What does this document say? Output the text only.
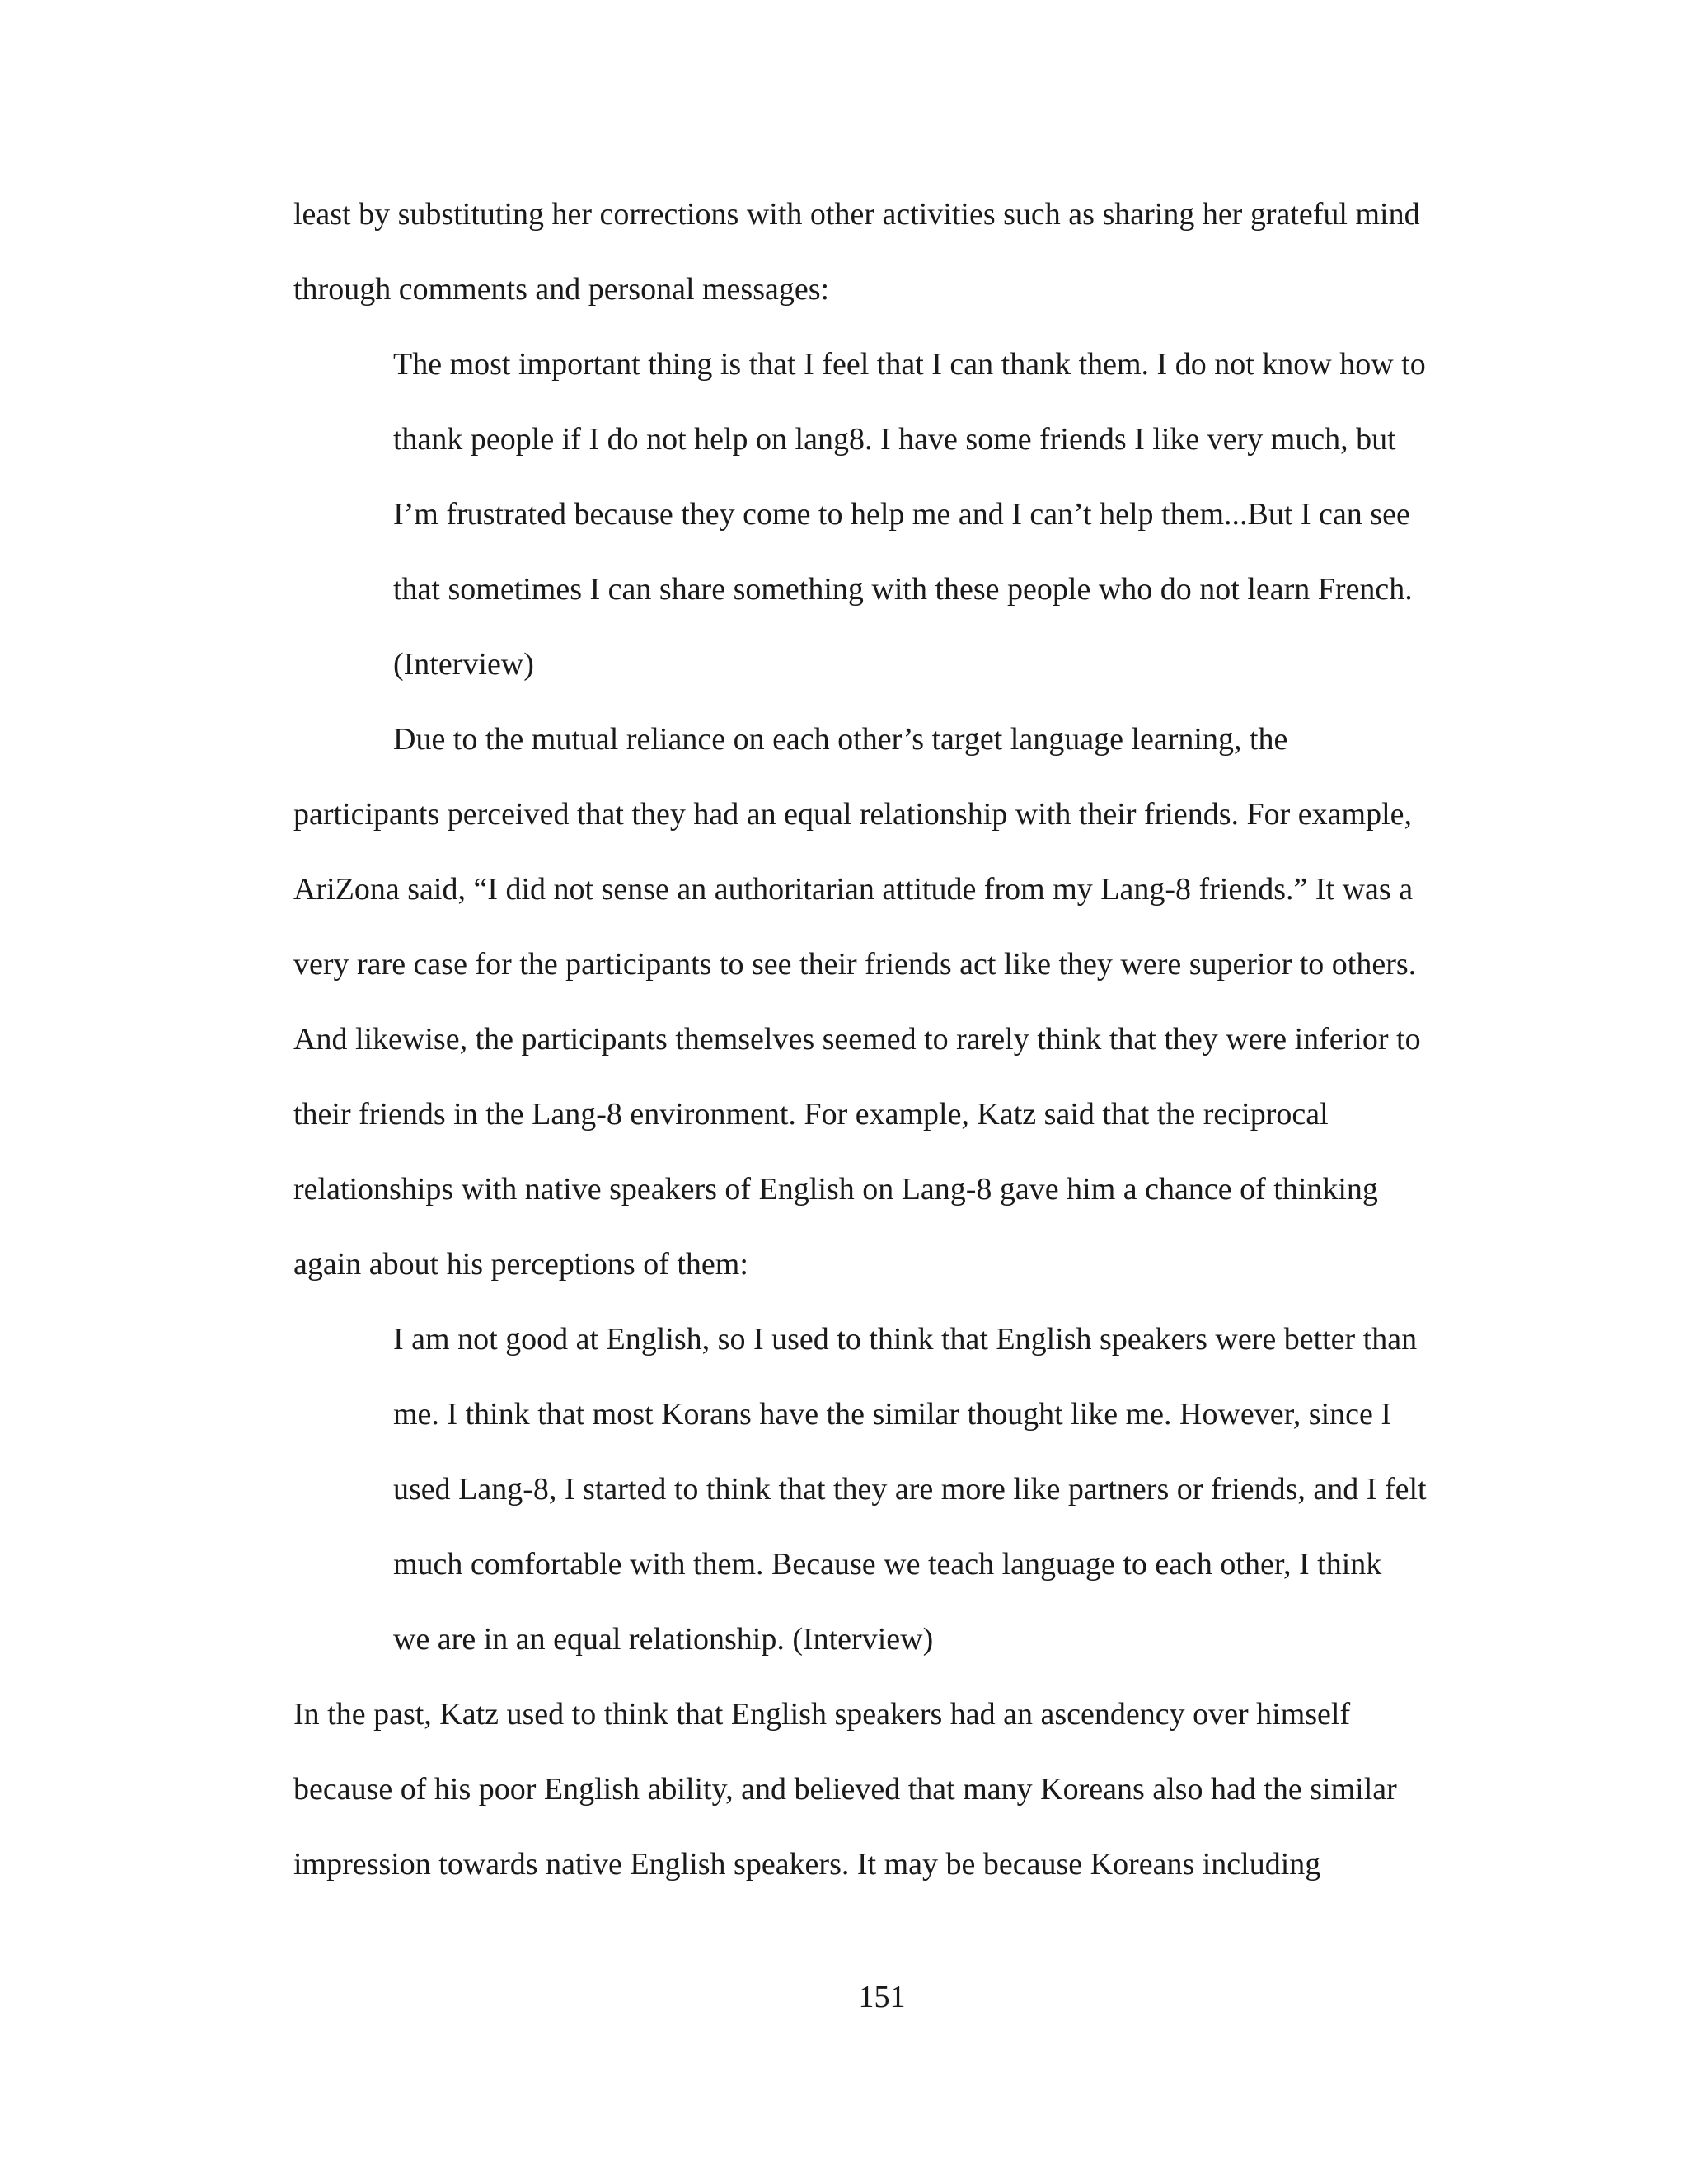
least by substituting her corrections with other activities such as sharing her grateful mind

through comments and personal messages:

The most important thing is that I feel that I can thank them. I do not know how to

thank people if I do not help on lang8. I have some friends I like very much, but

I’m frustrated because they come to help me and I can’t help them...But I can see

that sometimes I can share something with these people who do not learn French.

(Interview)

Due to the mutual reliance on each other’s target language learning, the

participants perceived that they had an equal relationship with their friends. For example,

AriZona said, “I did not sense an authoritarian attitude from my Lang-8 friends.” It was a

very rare case for the participants to see their friends act like they were superior to others.

And likewise, the participants themselves seemed to rarely think that they were inferior to

their friends in the Lang-8 environment. For example, Katz said that the reciprocal

relationships with native speakers of English on Lang-8 gave him a chance of thinking

again about his perceptions of them:

I am not good at English, so I used to think that English speakers were better than

me. I think that most Korans have the similar thought like me. However, since I

used Lang-8, I started to think that they are more like partners or friends, and I felt

much comfortable with them. Because we teach language to each other, I think

we are in an equal relationship. (Interview)

In the past, Katz used to think that English speakers had an ascendency over himself

because of his poor English ability, and believed that many Koreans also had the similar

impression towards native English speakers. It may be because Koreans including

151
